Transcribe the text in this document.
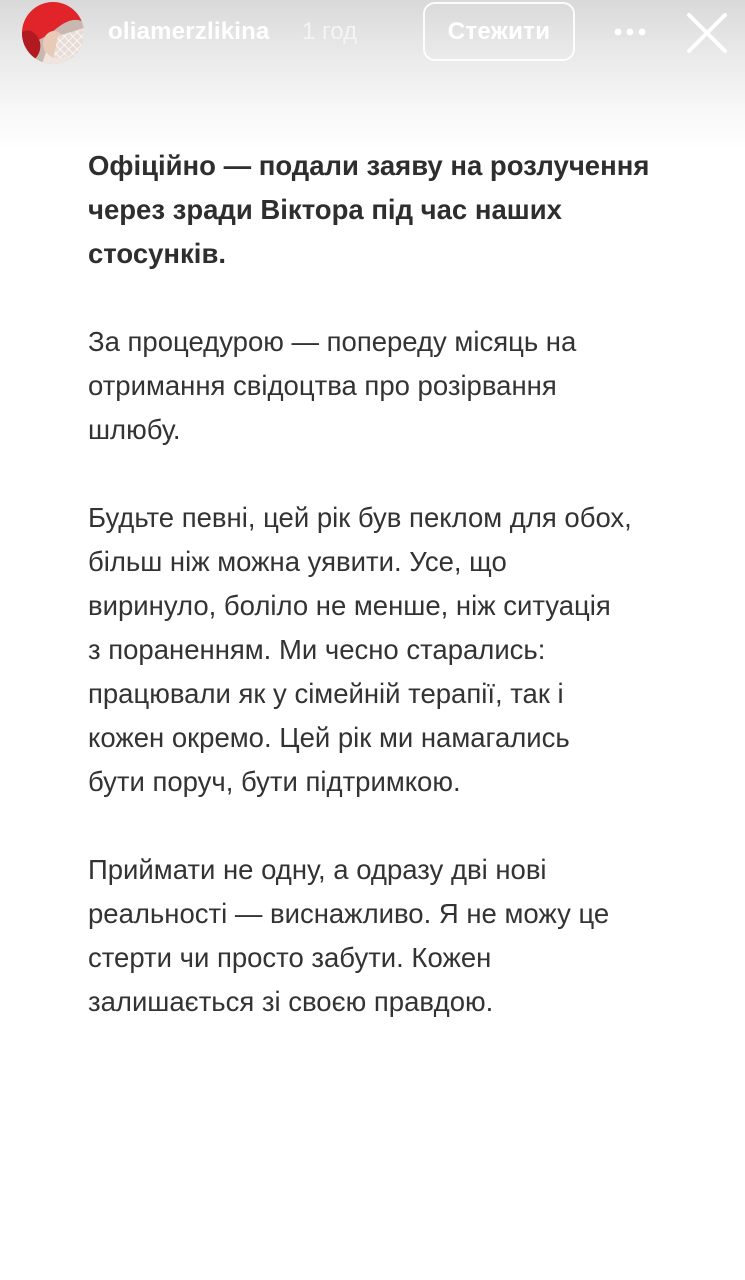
oliamerzlikina 1 год	Стежити

Офіційно — подали заяву на розлучення
через зради Віктора під час наших
стосунків.

За процедурою — попереду місяць на
отримання свідоцтва про розірвання
шлюбу.

Будьте певні, цей рік був пеклом для обох,
більш ніж можна уявити. Усе, що
виринуло, боліло не менше, ніж ситуація
з пораненням. Ми чесно старались:
працювали як у сімейній терапії, так і
кожен окремо. Цей рік ми намагались
бути поруч, бути підтримкою.

Приймати не одну, а одразу дві нові
реальності — виснажливо. Я не можу це
стерти чи просто забути. Кожен
залишається зі своєю правдою.
